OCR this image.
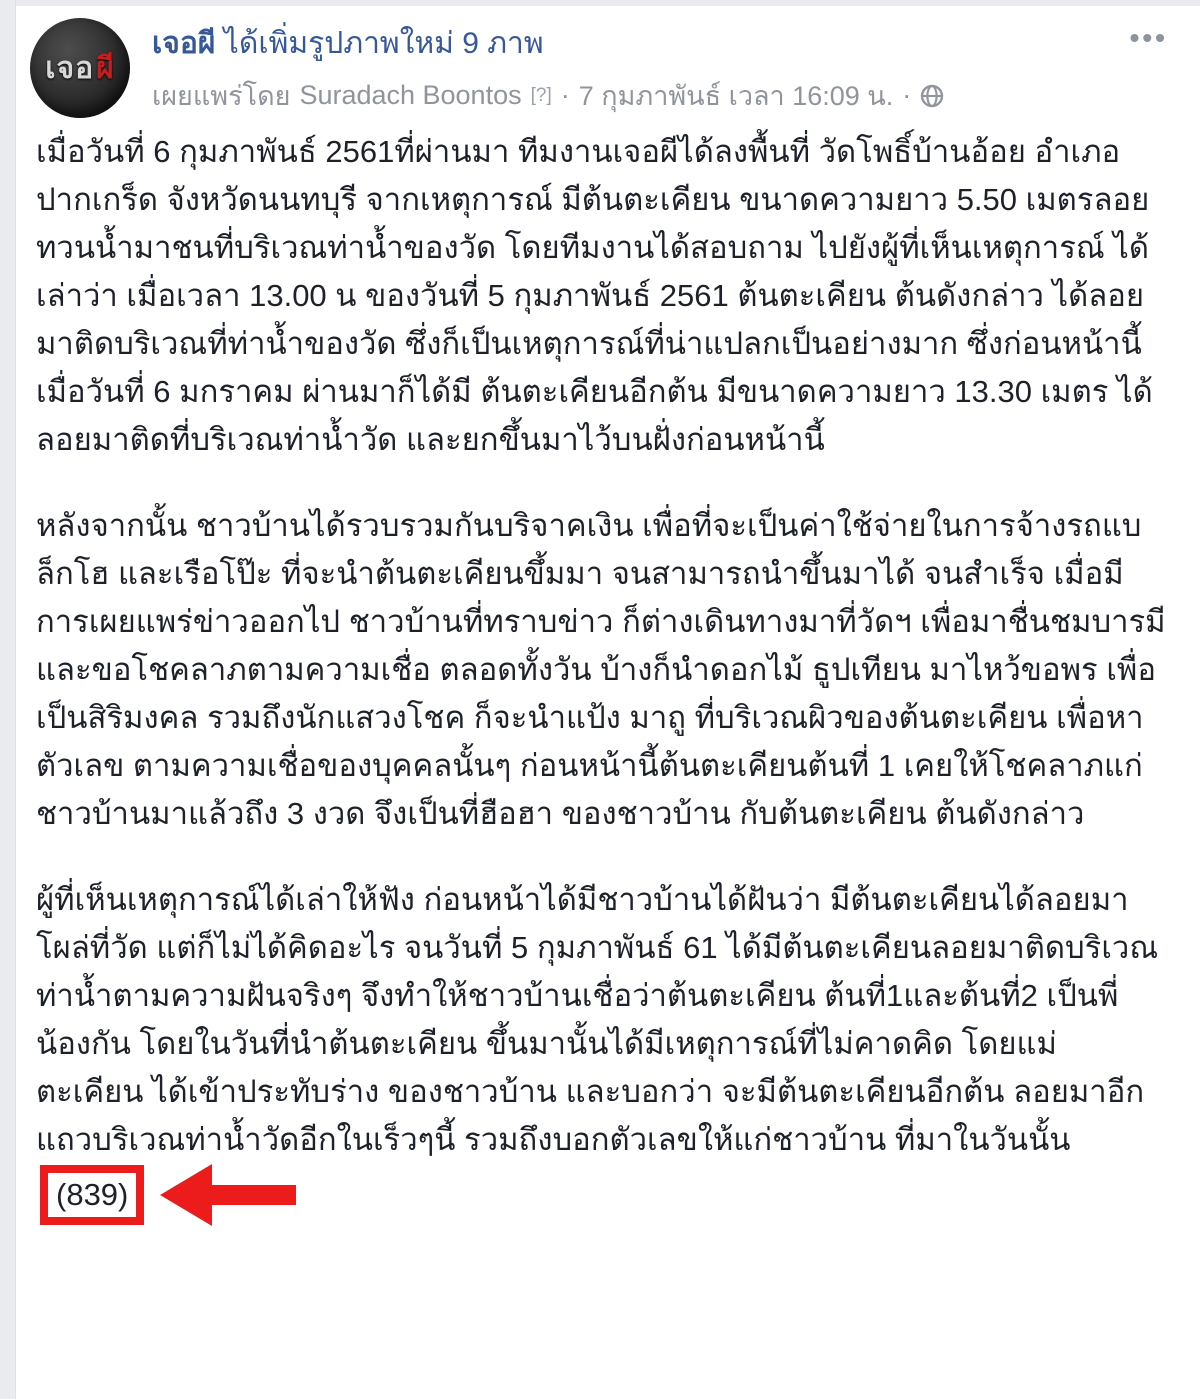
เจอ ผี
เจอผี ได้เพิ่มรูปภาพใหม่ 9 ภาพ
เผยแพร่โดย Suradach Boontos [?] · 7 กุมภาพันธ์ เวลา 16:09 น. ·
•••

เมื่อวันที่ 6 กุมภาพันธ์ 2561ที่ผ่านมา ทีมงานเจอผีได้ลงพื้นที่ วัดโพธิ์บ้านอ้อย อำเภอปากเกร็ด จังหวัดนนทบุรี จากเหตุการณ์ มีต้นตะเคียน ขนาดความยาว 5.50 เมตรลอยทวนน้ำมาชนที่บริเวณท่าน้ำของวัด โดยทีมงานได้สอบถาม ไปยังผู้ที่เห็นเหตุการณ์ ได้เล่าว่า เมื่อเวลา 13.00 น ของวันที่ 5 กุมภาพันธ์ 2561 ต้นตะเคียน ต้นดังกล่าว ได้ลอยมาติดบริเวณที่ท่าน้ำของวัด ซึ่งก็เป็นเหตุการณ์ที่น่าแปลกเป็นอย่างมาก ซึ่งก่อนหน้านี้ เมื่อวันที่ 6 มกราคม ผ่านมาก็ได้มี ต้นตะเคียนอีกต้น มีขนาดความยาว 13.30 เมตร ได้ลอยมาติดที่บริเวณท่าน้ำวัด และยกขึ้นมาไว้บนฝั่งก่อนหน้านี้

หลังจากนั้น ชาวบ้านได้รวบรวมกันบริจาคเงิน เพื่อที่จะเป็นค่าใช้จ่ายในการจ้างรถแบล็กโฮ และเรือโป๊ะ ที่จะนำต้นตะเคียนขึ้มมา จนสามารถนำขึ้นมาได้ จนสำเร็จ เมื่อมีการเผยแพร่ข่าวออกไป ชาวบ้านที่ทราบข่าว ก็ต่างเดินทางมาที่วัดฯ เพื่อมาชื่นชมบารมี และขอโชคลาภตามความเชื่อ ตลอดทั้งวัน บ้างก็นำดอกไม้ ธูปเทียน มาไหว้ขอพร เพื่อเป็นสิริมงคล รวมถึงนักแสวงโชค ก็จะนำแป้ง มาถู ที่บริเวณผิวของต้นตะเคียน เพื่อหาตัวเลข ตามความเชื่อของบุคคลนั้นๆ ก่อนหน้านี้ต้นตะเคียนต้นที่ 1 เคยให้โชคลาภแก่ชาวบ้านมาแล้วถึง 3 งวด จึงเป็นที่ฮือฮา ของชาวบ้าน กับต้นตะเคียน ต้นดังกล่าว

ผู้ที่เห็นเหตุการณ์ได้เล่าให้ฟัง ก่อนหน้าได้มีชาวบ้านได้ฝันว่า มีต้นตะเคียนได้ลอยมาโผล่ที่วัด แต่ก็ไม่ได้คิดอะไร จนวันที่ 5 กุมภาพันธ์ 61 ได้มีต้นตะเคียนลอยมาติดบริเวณท่าน้ำตามความฝันจริงๆ จึงทำให้ชาวบ้านเชื่อว่าต้นตะเคียน ต้นที่1และต้นที่2 เป็นพี่น้องกัน โดยในวันที่นำต้นตะเคียน ขึ้นมานั้นได้มีเหตุการณ์ที่ไม่คาดคิด โดยแม่ ตะเคียน ได้เข้าประทับร่าง ของชาวบ้าน และบอกว่า จะมีต้นตะเคียนอีกต้น ลอยมาอีกแถวบริเวณท่าน้ำวัดอีกในเร็วๆนี้ รวมถึงบอกตัวเลขให้แก่ชาวบ้าน ที่มาในวันนั้น(839)
